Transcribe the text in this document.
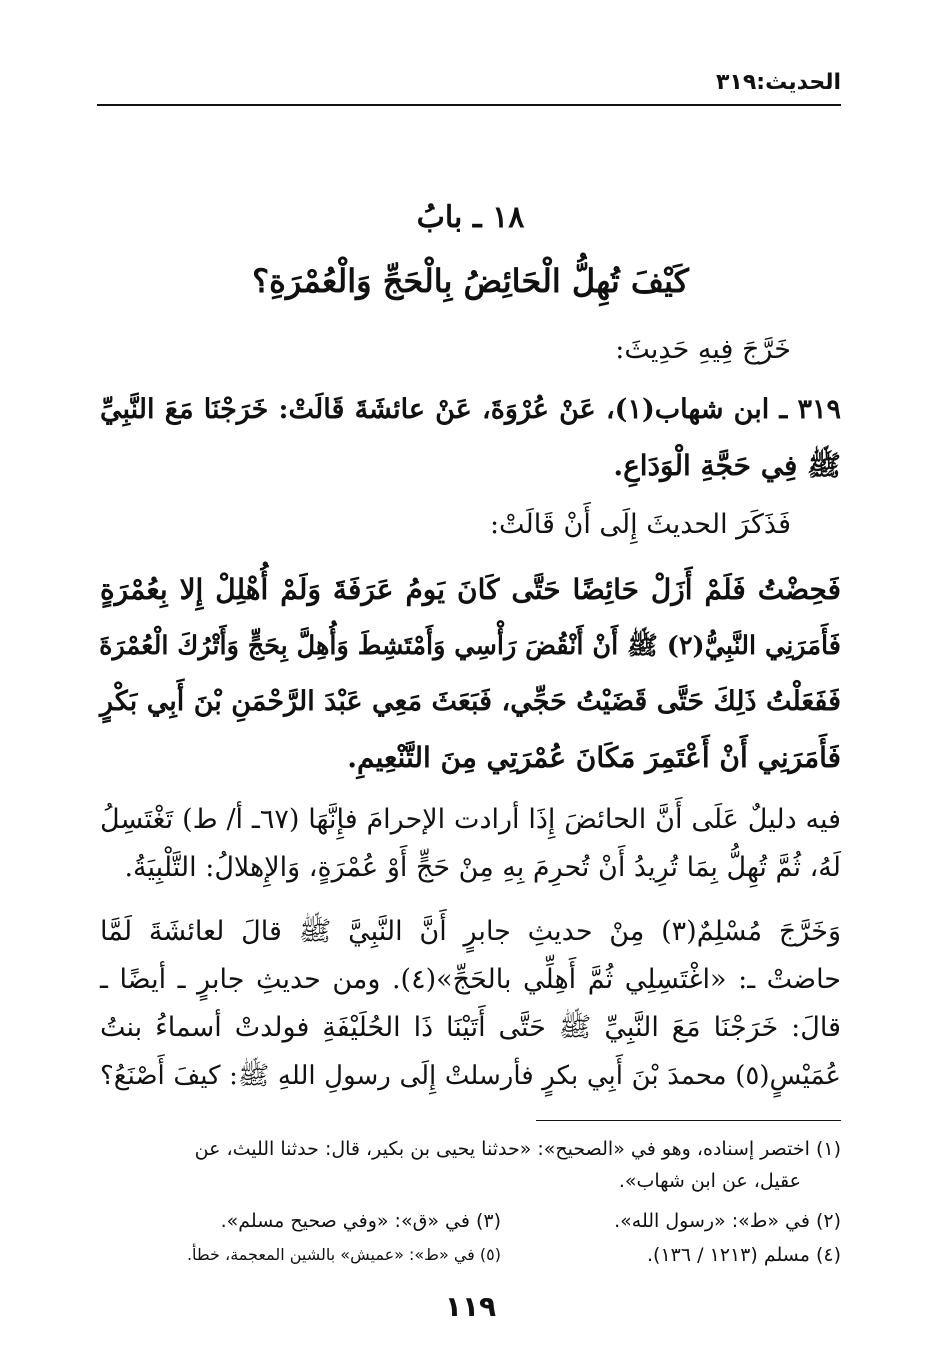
الحديث:٣١٩
١٨ ـ بابُ
كَيْفَ تُهِلُّ الْحَائِضُ بِالْحَجِّ وَالْعُمْرَةِ؟
خَرَّجَ فِيهِ حَدِيثَ:
٣١٩ ـ ابن شهاب(١)، عَنْ عُرْوَةَ، عَنْ عائشَةَ قَالَتْ: خَرَجْنَا مَعَ النَّبِيِّ
ﷺ فِي حَجَّةِ الْوَدَاعِ.
فَذَكَرَ الحديثَ إِلَى أَنْ قَالَتْ:
فَحِضْتُ فَلَمْ أَزَلْ حَائِضًا حَتَّى كَانَ يَومُ عَرَفَةَ وَلَمْ أُهْلِلْ إِلا بِعُمْرَةٍ
فَأَمَرَنِي النَّبِيُّ(٢) ﷺ أَنْ أَنْقُضَ رَأْسِي وَأَمْتَشِطَ وَأُهِلَّ بِحَجٍّ وَأَتْرُكَ الْعُمْرَةَ
فَفَعَلْتُ ذَلِكَ حَتَّى قَضَيْتُ حَجِّي، فَبَعَثَ مَعِي عَبْدَ الرَّحْمَنِ بْنَ أَبِي بَكْرٍ
فَأَمَرَنِي أَنْ أَعْتَمِرَ مَكَانَ عُمْرَتِي مِنَ التَّنْعِيمِ.
فيه دليلٌ عَلَى أَنَّ الحائضَ إِذَا أرادت الإحرامَ فإِنَّهَا (٦٧ـ أ/ ط) تَغْتَسِلُ
لَهُ، ثُمَّ تُهِلُّ بِمَا تُرِيدُ أَنْ تُحرِمَ بِهِ مِنْ حَجٍّ أَوْ عُمْرَةٍ، وَالإِهلالُ: التَّلْبِيَةُ.
وَخَرَّجَ مُسْلِمٌ(٣) مِنْ حديثِ جابرٍ أَنَّ النَّبِيَّ ﷺ قالَ لعائشَةَ لَمَّا
حاضتْ ـ: «اغْتَسِلِي ثُمَّ أَهِلِّي بالحَجِّ»(٤). ومن حديثِ جابرٍ ـ أيضًا ـ
قالَ: خَرَجْنَا مَعَ النَّبِيِّ ﷺ حَتَّى أَتَيْنَا ذَا الحُلَيْفَةِ فولدتْ أسماءُ بنتُ
عُمَيْسٍ(٥) محمدَ بْنَ أَبِي بكرٍ فأرسلتْ إِلَى رسولِ اللهِ ﷺ: كيفَ أَصْنَعُ؟
(١) اختصر إسناده، وهو في «الصحيح»: «حدثنا يحيى بن بكير، قال: حدثنا الليث، عن
عقيل، عن ابن شهاب».
(٢) في «ط»: «رسول الله».
(٣) في «ق»: «وفي صحيح مسلم».
(٤) مسلم (١٢١٣ / ١٣٦).
(٥) في «ط»: «عميش» بالشين المعجمة، خطأ.
١١٩
